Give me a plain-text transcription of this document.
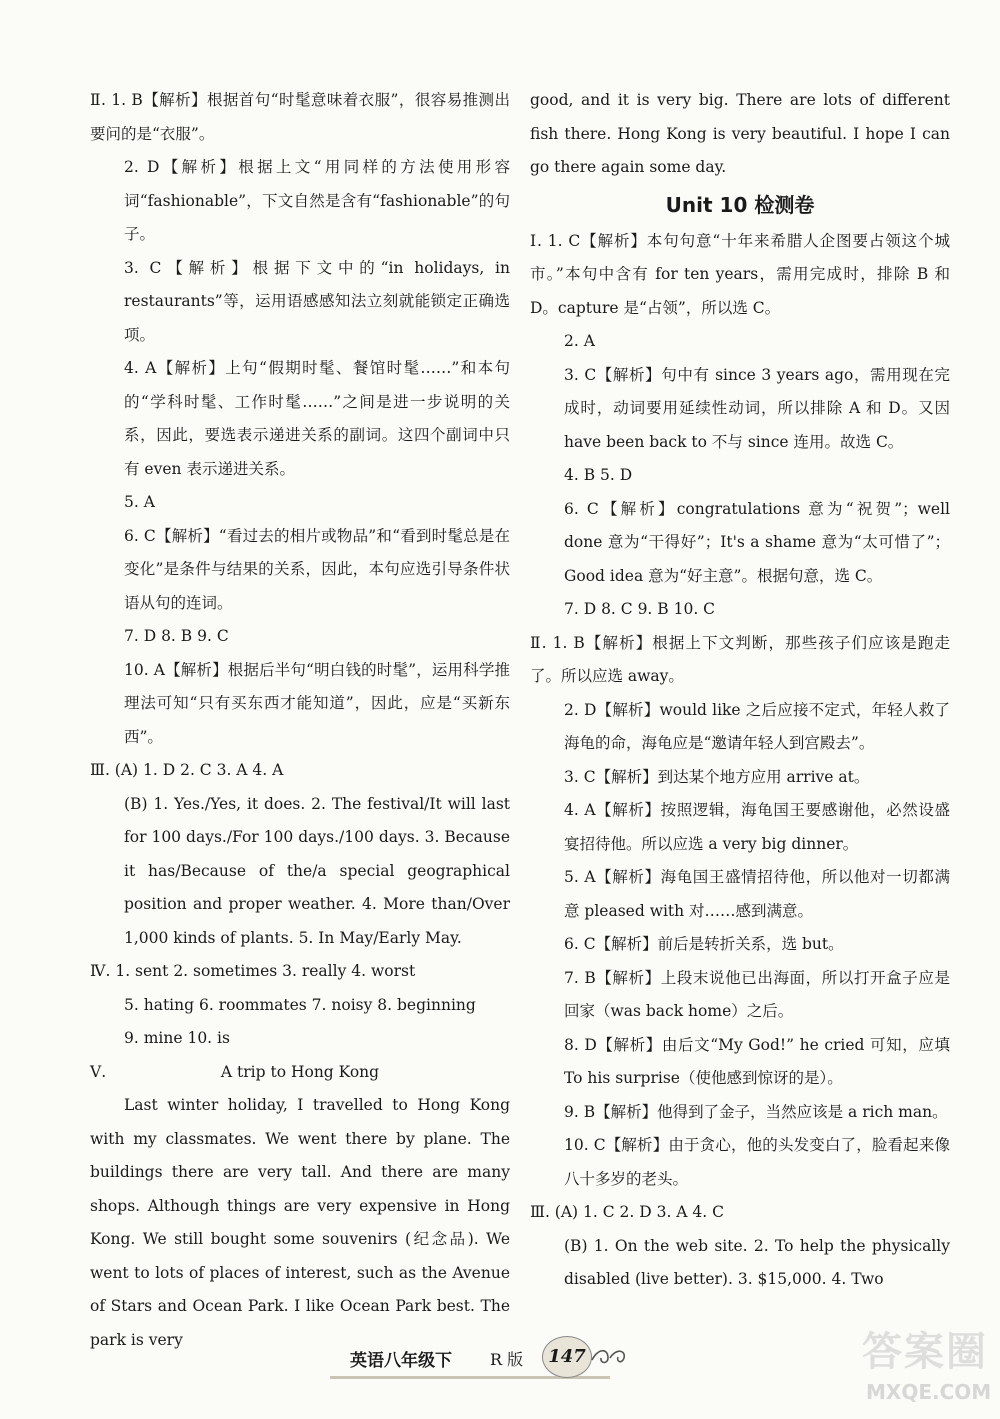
Ⅱ. 1. B【解析】根据首句“时髦意味着衣服”，很容易推测出要问的是“衣服”。

2. D【解析】根据上文“用同样的方法使用形容词“fashionable”，下文自然是含有“fashionable”的句子。

3. C【解析】根据下文中的“in holidays, in restaurants”等，运用语感感知法立刻就能锁定正确选项。

4. A【解析】上句“假期时髦、餐馆时髦……”和本句的“学科时髦、工作时髦……”之间是进一步说明的关系，因此，要选表示递进关系的副词。这四个副词中只有 even 表示递进关系。

5. A

6. C【解析】“看过去的相片或物品”和“看到时髦总是在变化”是条件与结果的关系，因此，本句应选引导条件状语从句的连词。

7. D 8. B 9. C

10. A【解析】根据后半句“明白钱的时髦”，运用科学推理法可知“只有买东西才能知道”，因此，应是“买新东西”。

Ⅲ. (A) 1. D 2. C 3. A 4. A

(B) 1. Yes./Yes, it does. 2. The festival/It will last for 100 days./For 100 days./100 days. 3. Because it has/Because of the/a special geographical position and proper weather. 4. More than/Over 1,000 kinds of plants. 5. In May/Early May.

Ⅳ. 1. sent 2. sometimes 3. really 4. worst

5. hating 6. roommates 7. noisy 8. beginning

9. mine 10. is

Ⅴ.	A trip to Hong Kong

Last winter holiday, I travelled to Hong Kong with my classmates. We went there by plane. The buildings there are very tall. And there are many shops. Although things are very expensive in Hong Kong. We still bought some souvenirs (纪念品). We went to lots of places of interest, such as the Avenue of Stars and Ocean Park. I like Ocean Park best. The park is very

good, and it is very big. There are lots of different fish there. Hong Kong is very beautiful. I hope I can go there again some day.

Unit 10 检测卷

Ⅰ. 1. C【解析】本句句意“十年来希腊人企图要占领这个城市。”本句中含有 for ten years，需用完成时，排除 B 和 D。capture 是“占领”，所以选 C。

2. A

3. C【解析】句中有 since 3 years ago，需用现在完成时，动词要用延续性动词，所以排除 A 和 D。又因 have been back to 不与 since 连用。故选 C。

4. B 5. D

6. C【解析】congratulations 意为“祝贺”；well done 意为“干得好”；It's a shame 意为“太可惜了”；Good idea 意为“好主意”。根据句意，选 C。

7. D 8. C 9. B 10. C

Ⅱ. 1. B【解析】根据上下文判断，那些孩子们应该是跑走了。所以应选 away。

2. D【解析】would like 之后应接不定式，年轻人救了海龟的命，海龟应是“邀请年轻人到宫殿去”。

3. C【解析】到达某个地方应用 arrive at。

4. A【解析】按照逻辑，海龟国王要感谢他，必然设盛宴招待他。所以应选 a very big dinner。

5. A【解析】海龟国王盛情招待他，所以他对一切都满意 pleased with 对……感到满意。

6. C【解析】前后是转折关系，选 but。

7. B【解析】上段末说他已出海面，所以打开盒子应是回家（was back home）之后。

8. D【解析】由后文“My God!” he cried 可知，应填 To his surprise（使他感到惊讶的是）。

9. B【解析】他得到了金子，当然应该是 a rich man。

10. C【解析】由于贪心，他的头发变白了，脸看起来像八十多岁的老头。

Ⅲ. (A) 1. C 2. D 3. A 4. C

(B) 1. On the web site. 2. To help the physically disabled (live better). 3. $15,000. 4. Two

英语八年级下 R 版	147	答案圈
MXQE.COM
